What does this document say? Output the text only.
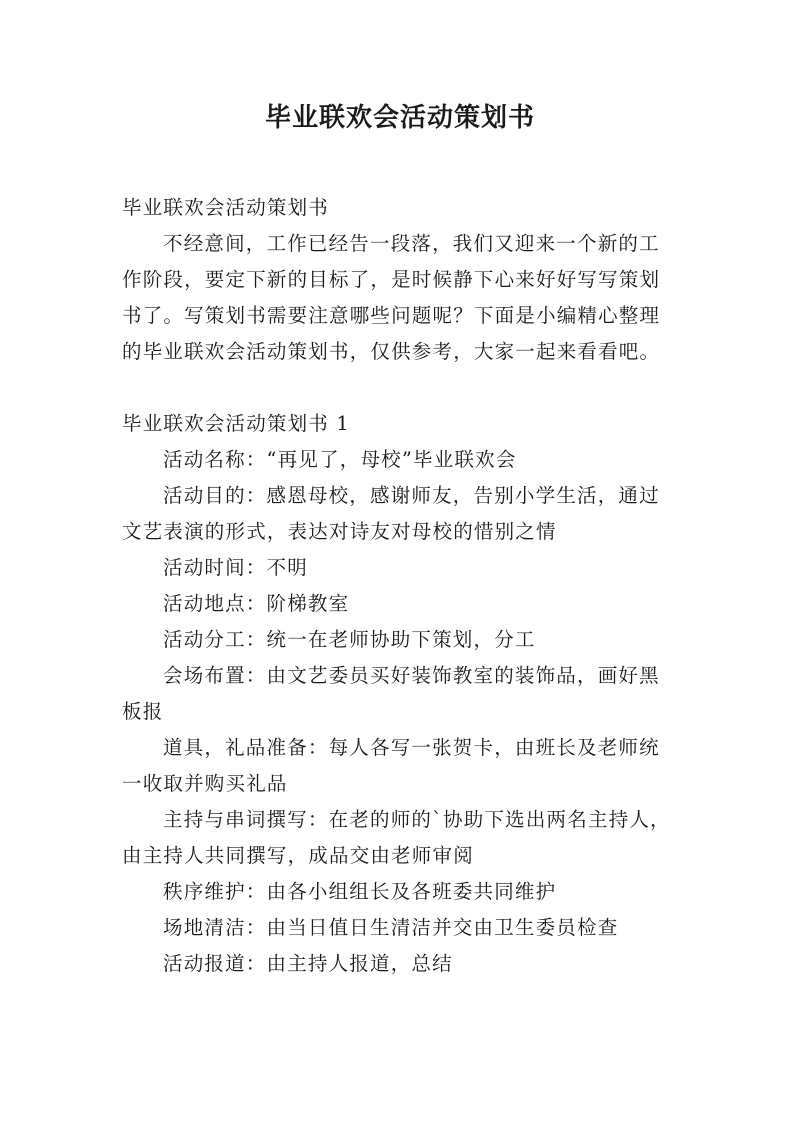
毕业联欢会活动策划书
毕业联欢会活动策划书
不经意间，工作已经告一段落，我们又迎来一个新的工
作阶段，要定下新的目标了，是时候静下心来好好写写策划
书了。写策划书需要注意哪些问题呢？下面是小编精心整理
的毕业联欢会活动策划书，仅供参考，大家一起来看看吧。
毕业联欢会活动策划书 1
活动名称：“再见了，母校”毕业联欢会
活动目的：感恩母校，感谢师友，告别小学生活，通过
文艺表演的形式，表达对诗友对母校的惜别之情
活动时间：不明
活动地点：阶梯教室
活动分工：统一在老师协助下策划，分工
会场布置：由文艺委员买好装饰教室的装饰品，画好黑
板报
道具，礼品准备：每人各写一张贺卡，由班长及老师统
一收取并购买礼品
主持与串词撰写：在老的师的`协助下选出两名主持人，
由主持人共同撰写，成品交由老师审阅
秩序维护：由各小组组长及各班委共同维护
场地清洁：由当日值日生清洁并交由卫生委员检查
活动报道：由主持人报道，总结
